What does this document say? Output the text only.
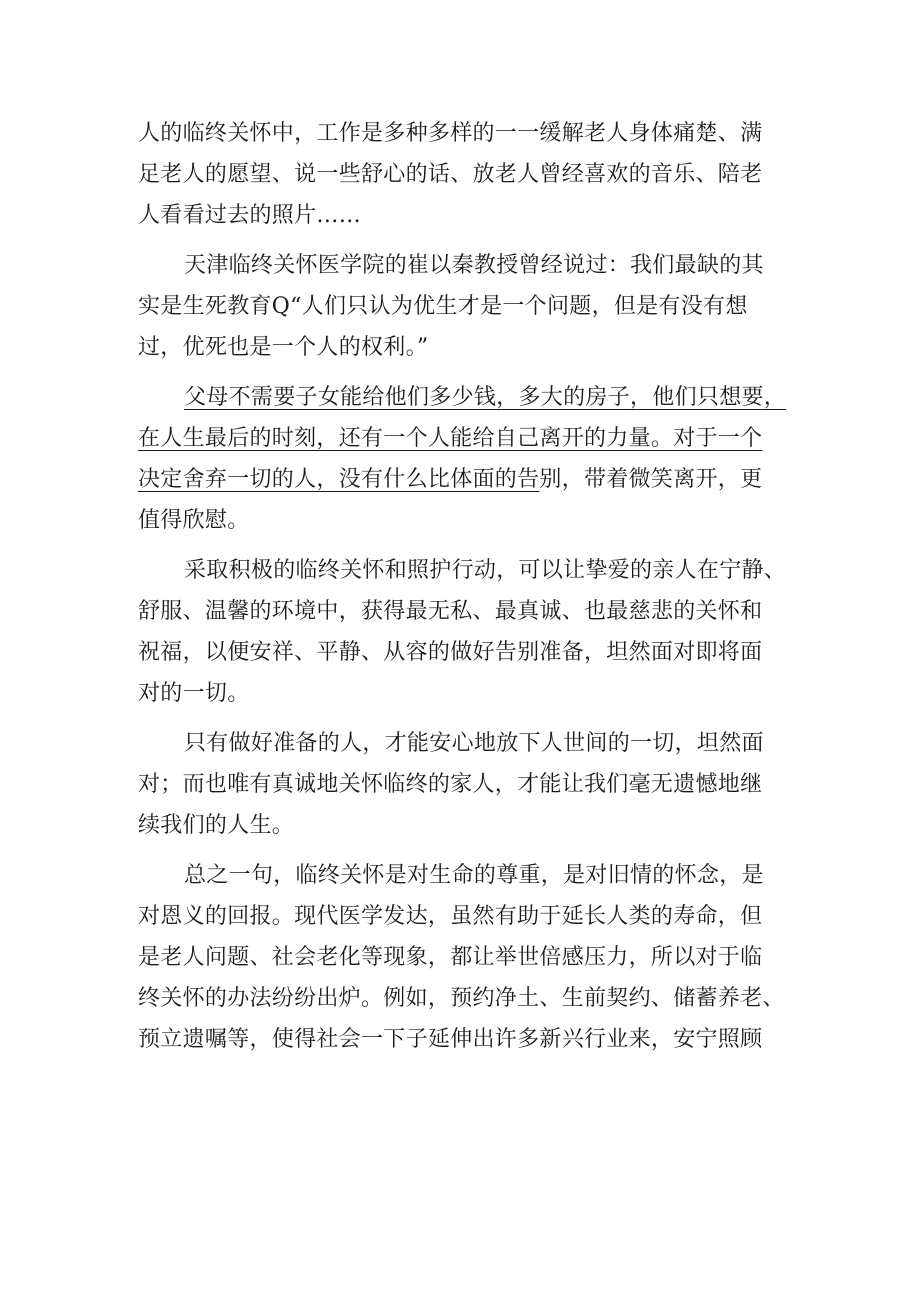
人的临终关怀中，工作是多种多样的一一缓解老人身体痛楚、满
足老人的愿望、说一些舒心的话、放老人曾经喜欢的音乐、陪老
人看看过去的照片……
天津临终关怀医学院的崔以秦教授曾经说过：我们最缺的其
实是生死教育Q“人们只认为优生才是一个问题，但是有没有想
过，优死也是一个人的权利。”
父母不需要子女能给他们多少钱，多大的房子，他们只想要，
在人生最后的时刻，还有一个人能给自己离开的力量。对于一个
决定舍弃一切的人，没有什么比体面的告别，带着微笑离开，更
值得欣慰。
采取积极的临终关怀和照护行动，可以让挚爱的亲人在宁静、
舒服、温馨的环境中，获得最无私、最真诚、也最慈悲的关怀和
祝福，以便安祥、平静、从容的做好告别准备，坦然面对即将面
对的一切。
只有做好准备的人，才能安心地放下人世间的一切，坦然面
对；而也唯有真诚地关怀临终的家人，才能让我们毫无遗憾地继
续我们的人生。
总之一句，临终关怀是对生命的尊重，是对旧情的怀念，是
对恩义的回报。现代医学发达，虽然有助于延长人类的寿命，但
是老人问题、社会老化等现象，都让举世倍感压力，所以对于临
终关怀的办法纷纷出炉。例如，预约净土、生前契约、储蓄养老、
预立遗嘱等，使得社会一下子延伸出许多新兴行业来，安宁照顾
